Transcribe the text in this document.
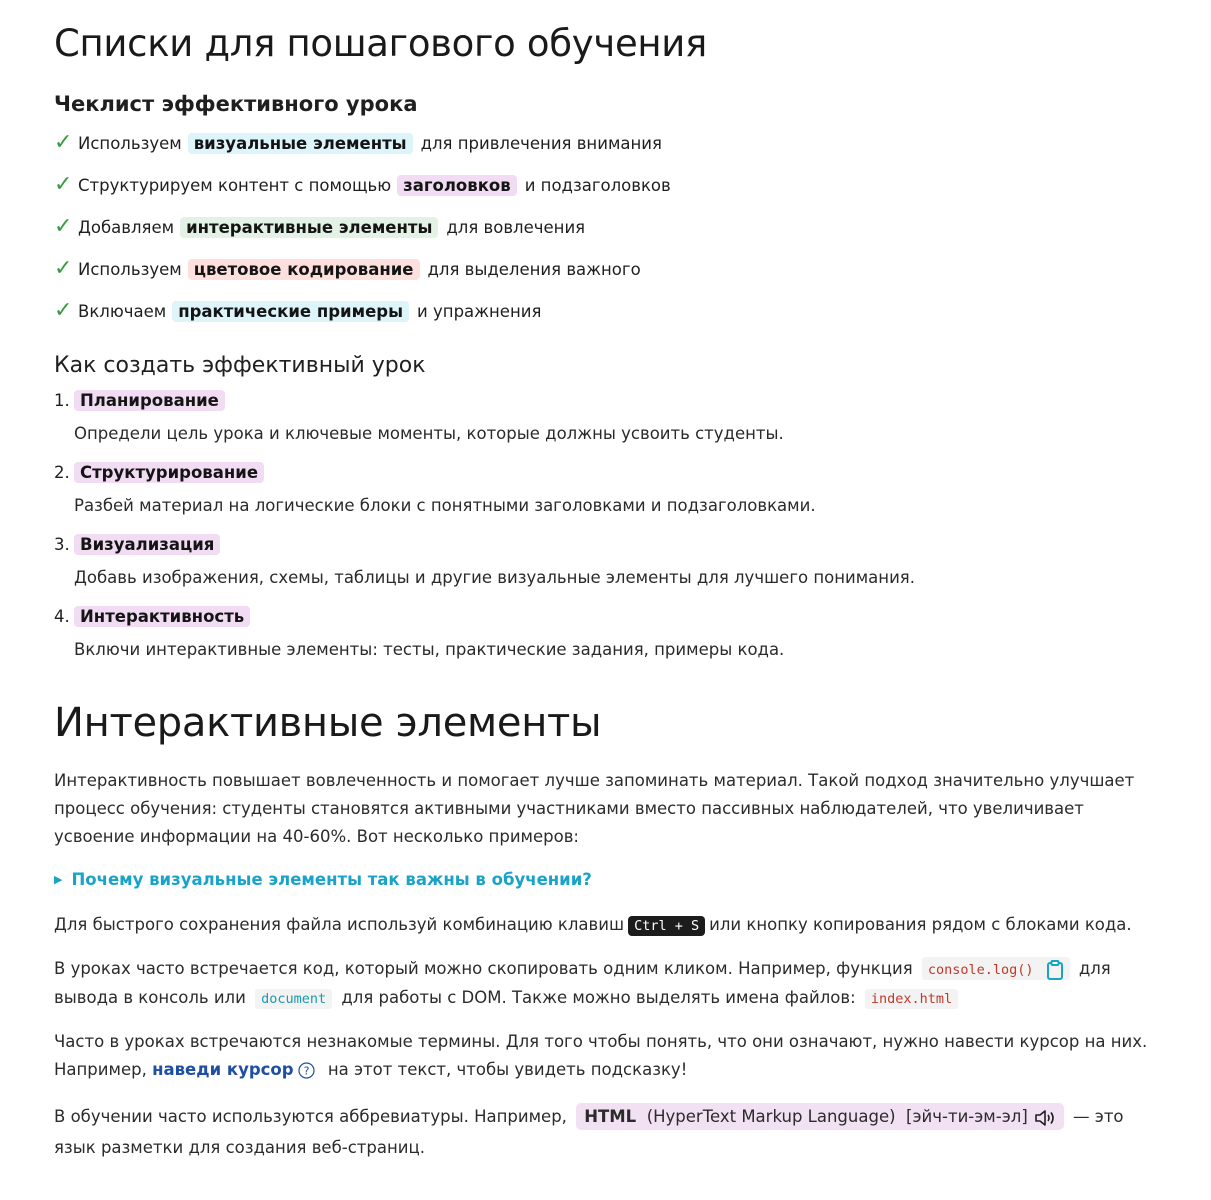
Списки для пошагового обучения
Чеклист эффективного урока
✓ Используем визуальные элементы для привлечения внимания
✓ Структурируем контент с помощью заголовков и подзаголовков
✓ Добавляем интерактивные элементы для вовлечения
✓ Используем цветовое кодирование для выделения важного
✓ Включаем практические примеры и упражнения
Как создать эффективный урок
1. Планирование
Определи цель урока и ключевые моменты, которые должны усвоить студенты.
2. Структурирование
Разбей материал на логические блоки с понятными заголовками и подзаголовками.
3. Визуализация
Добавь изображения, схемы, таблицы и другие визуальные элементы для лучшего понимания.
4. Интерактивность
Включи интерактивные элементы: тесты, практические задания, примеры кода.
Интерактивные элементы

Интерактивность повышает вовлеченность и помогает лучше запоминать материал. Такой подход значительно улучшает процесс обучения: студенты становятся активными участниками вместо пассивных наблюдателей, что увеличивает усвоение информации на 40-60%. Вот несколько примеров:

▶ Почему визуальные элементы так важны в обучении?

Для быстрого сохранения файла используй комбинацию клавиш Ctrl + S или кнопку копирования рядом с блоками кода.

В уроках часто встречается код, который можно скопировать одним кликом. Например, функция console.log()	для
вывода в консоль или document для работы с DOM. Также можно выделять имена файлов: index.html

Часто в уроках встречаются незнакомые термины. Для того чтобы понять, что они означают, нужно навести курсор на них.
Например, наведи курсор ? на этот текст, чтобы увидеть подсказку!

В обучении часто используются аббревиатуры. Например, HTML (HyperText Markup Language) [эйч-ти-эм-эл]	— это
язык разметки для создания веб-страниц.
